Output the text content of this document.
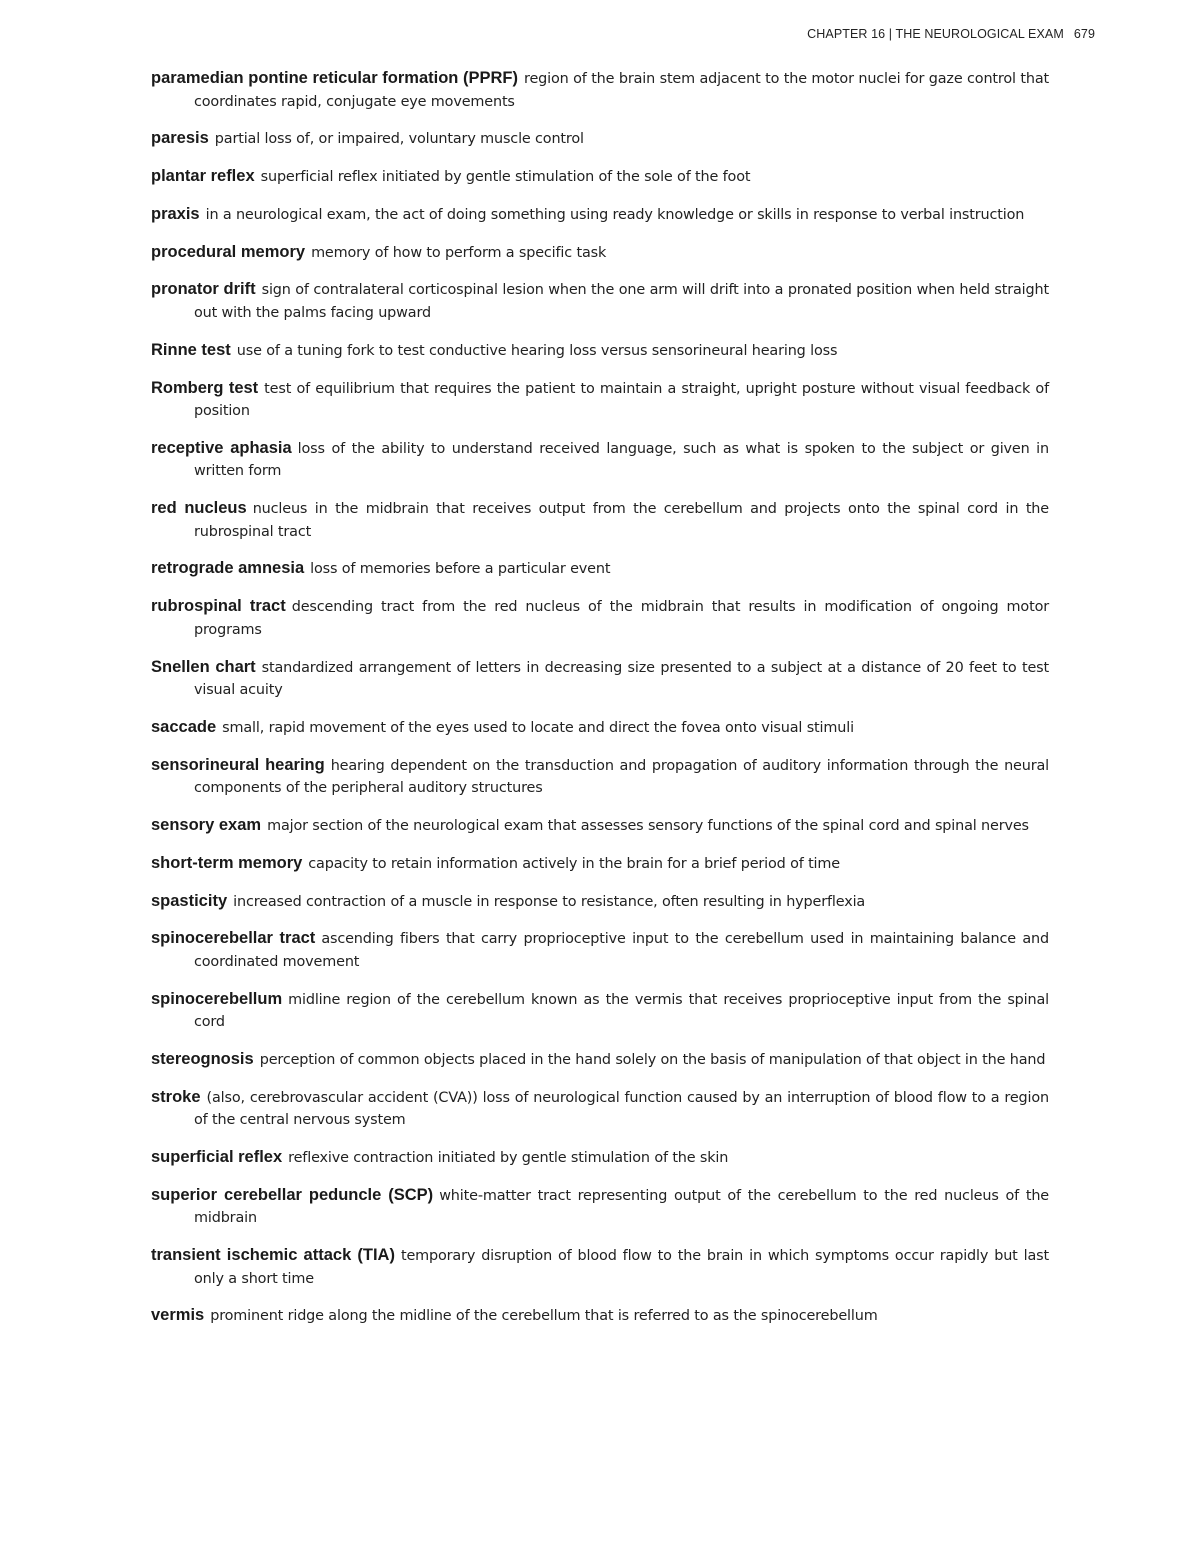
CHAPTER 16 | THE NEUROLOGICAL EXAM 679

paramedian pontine reticular formation (PPRF) region of the brain stem adjacent to the motor nuclei for gaze control that coordinates rapid, conjugate eye movements

paresis partial loss of, or impaired, voluntary muscle control

plantar reflex superficial reflex initiated by gentle stimulation of the sole of the foot

praxis in a neurological exam, the act of doing something using ready knowledge or skills in response to verbal instruction

procedural memory memory of how to perform a specific task

pronator drift sign of contralateral corticospinal lesion when the one arm will drift into a pronated position when held straight out with the palms facing upward

Rinne test use of a tuning fork to test conductive hearing loss versus sensorineural hearing loss

Romberg test test of equilibrium that requires the patient to maintain a straight, upright posture without visual feedback of position

receptive aphasia loss of the ability to understand received language, such as what is spoken to the subject or given in written form

red nucleus nucleus in the midbrain that receives output from the cerebellum and projects onto the spinal cord in the rubrospinal tract

retrograde amnesia loss of memories before a particular event

rubrospinal tract descending tract from the red nucleus of the midbrain that results in modification of ongoing motor programs

Snellen chart standardized arrangement of letters in decreasing size presented to a subject at a distance of 20 feet to test visual acuity

saccade small, rapid movement of the eyes used to locate and direct the fovea onto visual stimuli

sensorineural hearing hearing dependent on the transduction and propagation of auditory information through the neural components of the peripheral auditory structures

sensory exam major section of the neurological exam that assesses sensory functions of the spinal cord and spinal nerves

short-term memory capacity to retain information actively in the brain for a brief period of time

spasticity increased contraction of a muscle in response to resistance, often resulting in hyperflexia

spinocerebellar tract ascending fibers that carry proprioceptive input to the cerebellum used in maintaining balance and coordinated movement

spinocerebellum midline region of the cerebellum known as the vermis that receives proprioceptive input from the spinal cord

stereognosis perception of common objects placed in the hand solely on the basis of manipulation of that object in the hand

stroke (also, cerebrovascular accident (CVA)) loss of neurological function caused by an interruption of blood flow to a region of the central nervous system

superficial reflex reflexive contraction initiated by gentle stimulation of the skin

superior cerebellar peduncle (SCP) white-matter tract representing output of the cerebellum to the red nucleus of the midbrain

transient ischemic attack (TIA) temporary disruption of blood flow to the brain in which symptoms occur rapidly but last only a short time

vermis prominent ridge along the midline of the cerebellum that is referred to as the spinocerebellum
